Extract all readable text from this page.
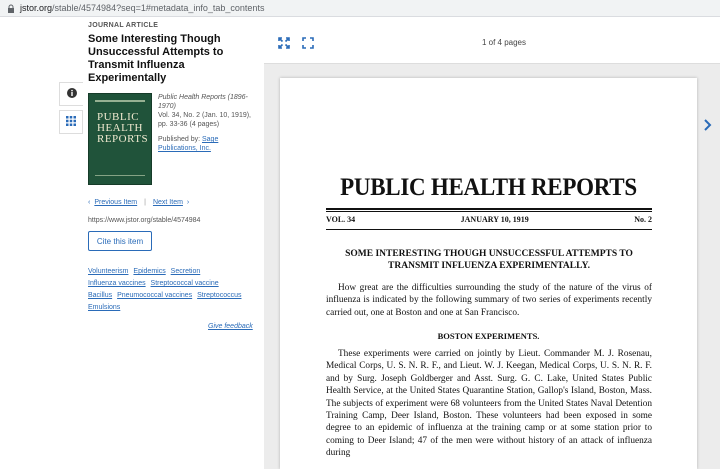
jstor.org /stable/4574984?seq=1#metadata_info_tab_contents
JOURNAL ARTICLE
Some Interesting Though Unsuccessful Attempts to Transmit Influenza Experimentally
PUBLIC
HEALTH
REPORTS
Public Health Reports (1896-1970)
Vol. 34, No. 2 (Jan. 10, 1919), pp. 33-36 (4 pages)
Published by: Sage Publications, Inc.
‹ Previous Item | Next Item ›
https://www.jstor.org/stable/4574984
Cite this item
Volunteerism Epidemics Secretion
Influenza vaccines Streptococcal vaccine
Bacillus Pneumococcal vaccines Streptococcus
Emulsions
Give feedback
1 of 4 pages
PUBLIC HEALTH REPORTS
VOL. 34	JANUARY 10, 1919	No. 2
SOME INTERESTING THOUGH UNSUCCESSFUL ATTEMPTS TO TRANSMIT INFLUENZA EXPERIMENTALLY.
How great are the difficulties surrounding the study of the nature of the virus of influenza is indicated by the following summary of two series of experiments recently carried out, one at Boston and one at San Francisco.
BOSTON EXPERIMENTS.
These experiments were carried on jointly by Lieut. Commander M. J. Rosenau, Medical Corps, U. S. N. R. F., and Lieut. W. J. Keegan, Medical Corps, U. S. N. R. F. and by Surg. Joseph Goldberger and Asst. Surg. G. C. Lake, United States Public Health Service, at the United States Quarantine Station, Gallop's Island, Boston, Mass. The subjects of experiment were 68 volunteers from the United States Naval Detention Training Camp, Deer Island, Boston. These volunteers had been exposed in some degree to an epidemic of influenza at the training camp or at some station prior to coming to Deer Island; 47 of the men were without history of an attack of influenza during
